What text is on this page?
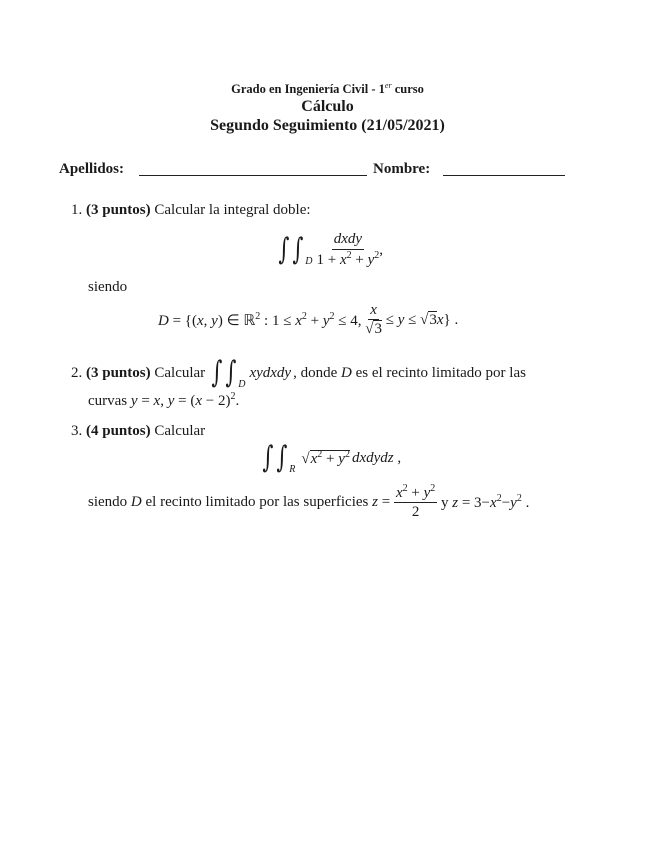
Grado en Ingeniería Civil - 1er curso
Cálculo
Segundo Seguimiento (21/05/2021)
Apellidos:	Nombre:
1. (3 puntos) Calcular la integral doble:
∫ $\int_D \frac{\text{dxdy}}{1 + x^2 + y^2}$ ,
siendo
D = {(x, y) ∈ ℝ$^2$ : $1 \le x^2 + y^2 \le 4$, $\frac{x}{√3} \le y \le √3x$} .
2.
(3 puntos)
Calcular
∫ $\int_D$
xydxdy , donde D es el recinto limitado por las
curvas y = x, $y = (x - 2)^2$.
3. (4 puntos) Calcular
∫ $\int_R$
$√x^2 + y^2$ dxdydz ,
siendo D el recinto limitado por las superficies $z = \frac{x^2 + y^2}{2}$ y $z = 3-x^2-y^2$ .
